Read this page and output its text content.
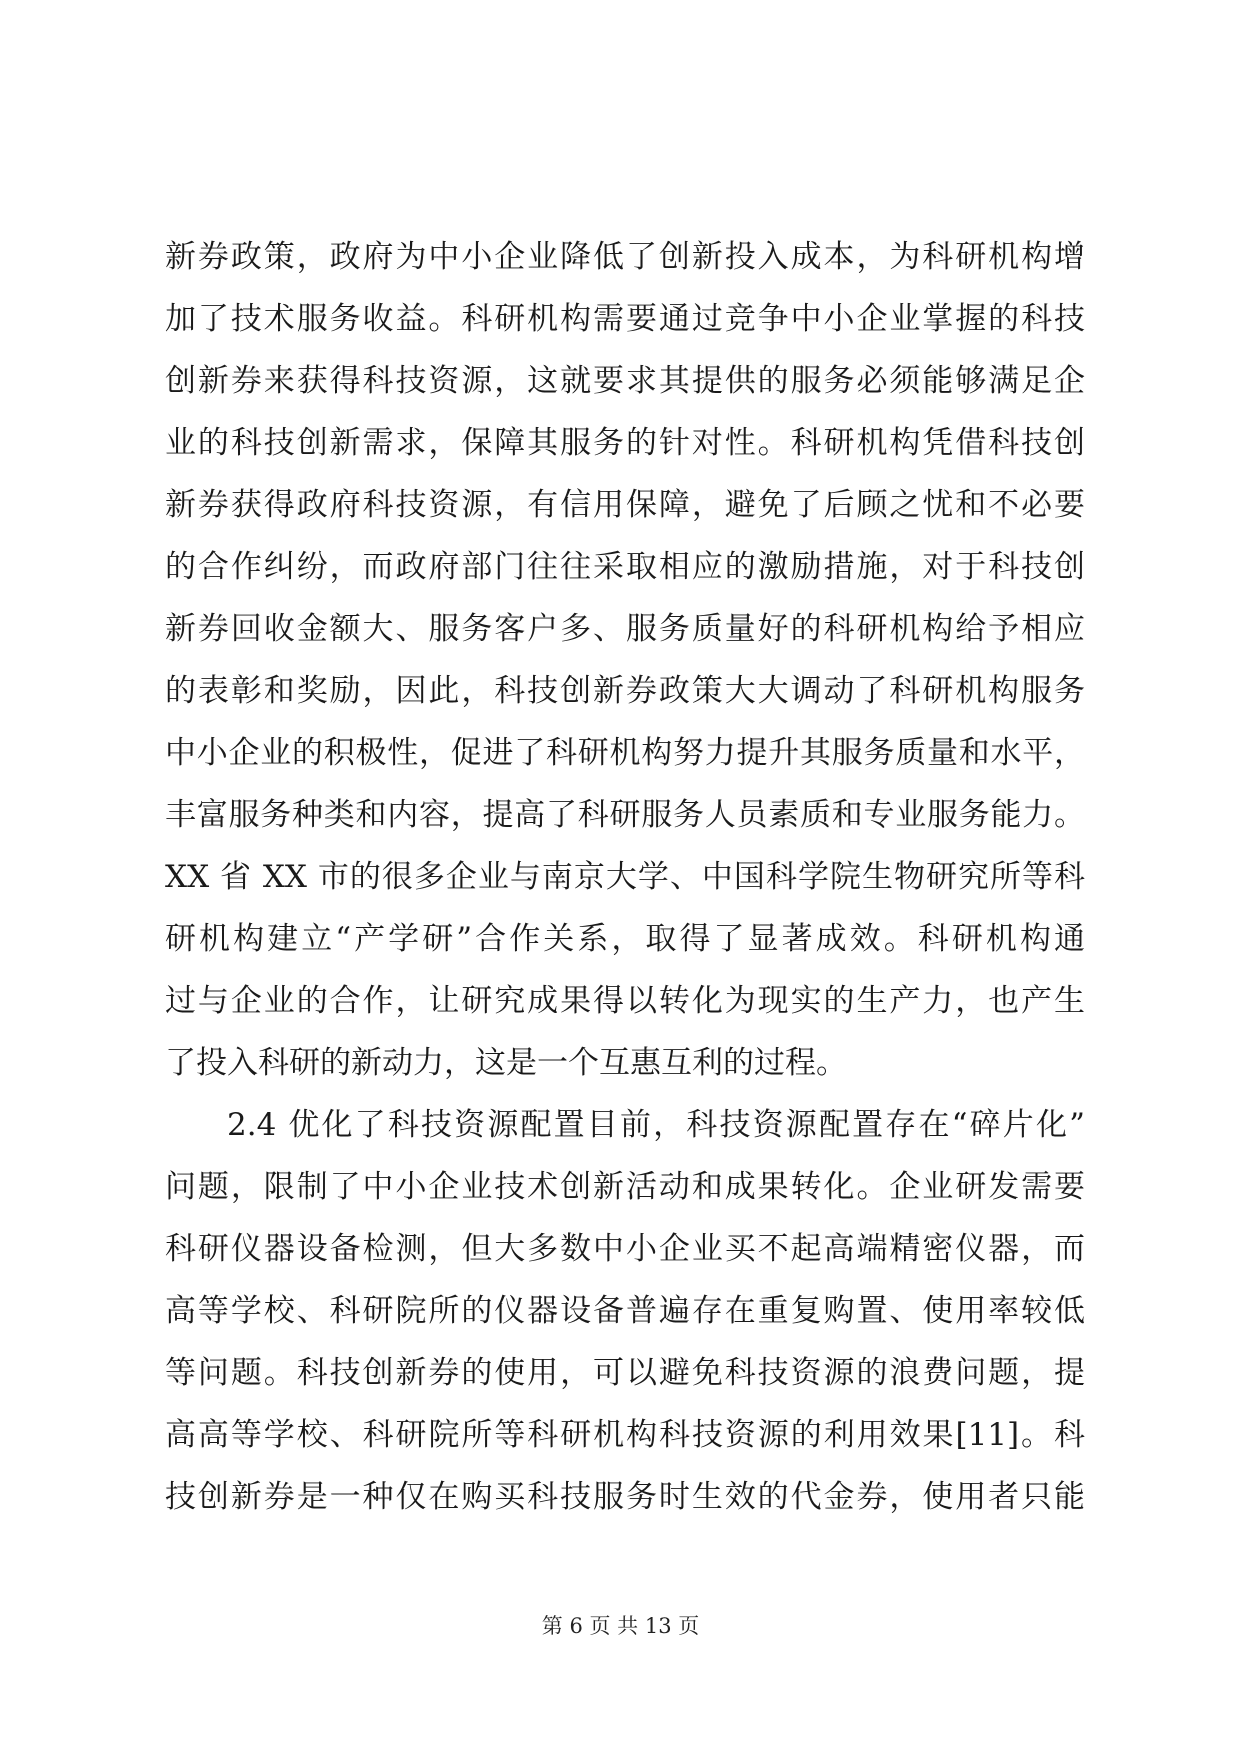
新券政策，政府为中小企业降低了创新投入成本，为科研机构增
加了技术服务收益。科研机构需要通过竞争中小企业掌握的科技
创新券来获得科技资源，这就要求其提供的服务必须能够满足企
业的科技创新需求，保障其服务的针对性。科研机构凭借科技创
新券获得政府科技资源，有信用保障，避免了后顾之忧和不必要
的合作纠纷，而政府部门往往采取相应的激励措施，对于科技创
新券回收金额大、服务客户多、服务质量好的科研机构给予相应
的表彰和奖励，因此，科技创新券政策大大调动了科研机构服务
中小企业的积极性，促进了科研机构努力提升其服务质量和水平，
丰富服务种类和内容，提高了科研服务人员素质和专业服务能力。
XX 省 XX 市的很多企业与南京大学、中国科学院生物研究所等科
研机构建立“产学研”合作关系，取得了显著成效。科研机构通
过与企业的合作，让研究成果得以转化为现实的生产力，也产生
了投入科研的新动力，这是一个互惠互利的过程。
2.4 优化了科技资源配置目前，科技资源配置存在“碎片化”
问题，限制了中小企业技术创新活动和成果转化。企业研发需要
科研仪器设备检测，但大多数中小企业买不起高端精密仪器，而
高等学校、科研院所的仪器设备普遍存在重复购置、使用率较低
等问题。科技创新券的使用，可以避免科技资源的浪费问题，提
高高等学校、科研院所等科研机构科技资源的利用效果[11]。科
技创新券是一种仅在购买科技服务时生效的代金券，使用者只能
第 6 页 共 13 页
